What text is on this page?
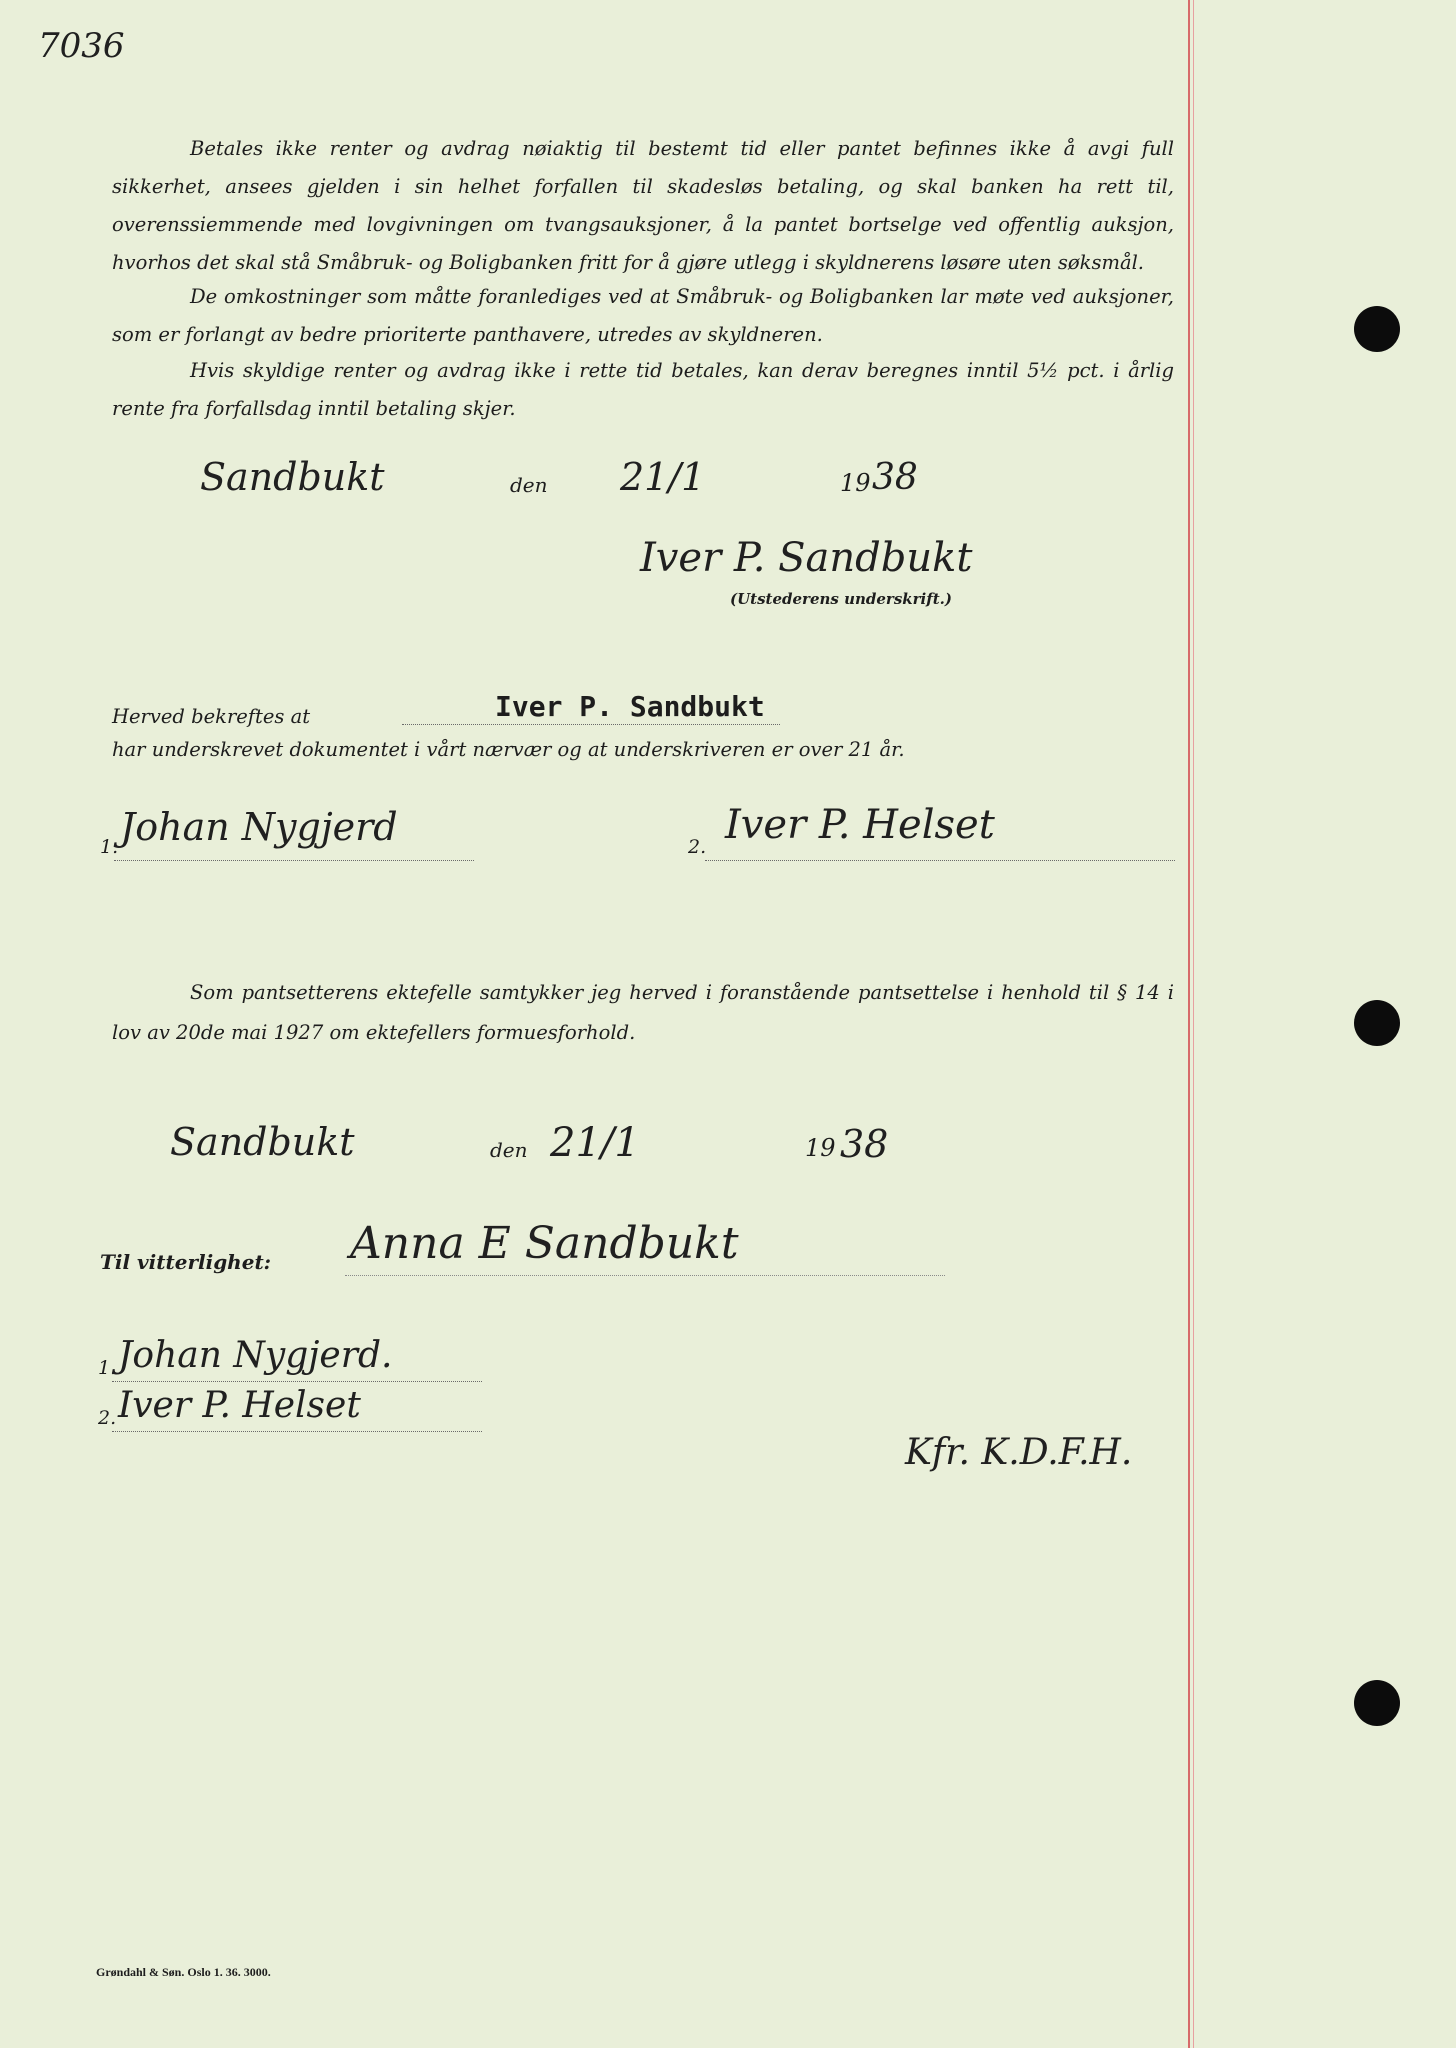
7036
Betales ikke renter og avdrag nøiaktig til bestemt tid eller pantet befinnes ikke å avgi full sikkerhet, ansees gjelden i sin helhet forfallen til skadesløs betaling, og skal banken ha rett til, overenssiemmende med lovgivningen om tvangsauksjoner, å la pantet bortselge ved offentlig auksjon, hvorhos det skal stå Småbruk- og Boligbanken fritt for å gjøre utlegg i skyldnerens løsøre uten søksmål.
De omkostninger som måtte foranlediges ved at Småbruk- og Boligbanken lar møte ved auksjoner, som er forlangt av bedre prioriterte panthavere, utredes av skyldneren.
Hvis skyldige renter og avdrag ikke i rette tid betales, kan derav beregnes inntil 5½ pct. i årlig rente fra forfallsdag inntil betaling skjer.
Sandbukt	den 21/1	19 38
Iver P. Sandbukt
(Utstederens underskrift.)
Herved bekreftes at	Iver P. Sandbukt
har underskrevet dokumentet i vårt nærvær og at underskriveren er over 21 år.
1. Johan Nygjerd	2. Iver P. Helset
Som pantsetterens ektefelle samtykker jeg herved i foranstående pantsettelse i henhold til § 14 i lov av 20de mai 1927 om ektefellers formuesforhold.
Sandbukt	den 21/1	19 38
Til vitterlighet: Anna E Sandbukt
1. Johan Nygjerd.
2. Iver P. Helset
Kfr. K.D.F.H.
Grøndahl & Søn. Oslo 1. 36. 3000.
